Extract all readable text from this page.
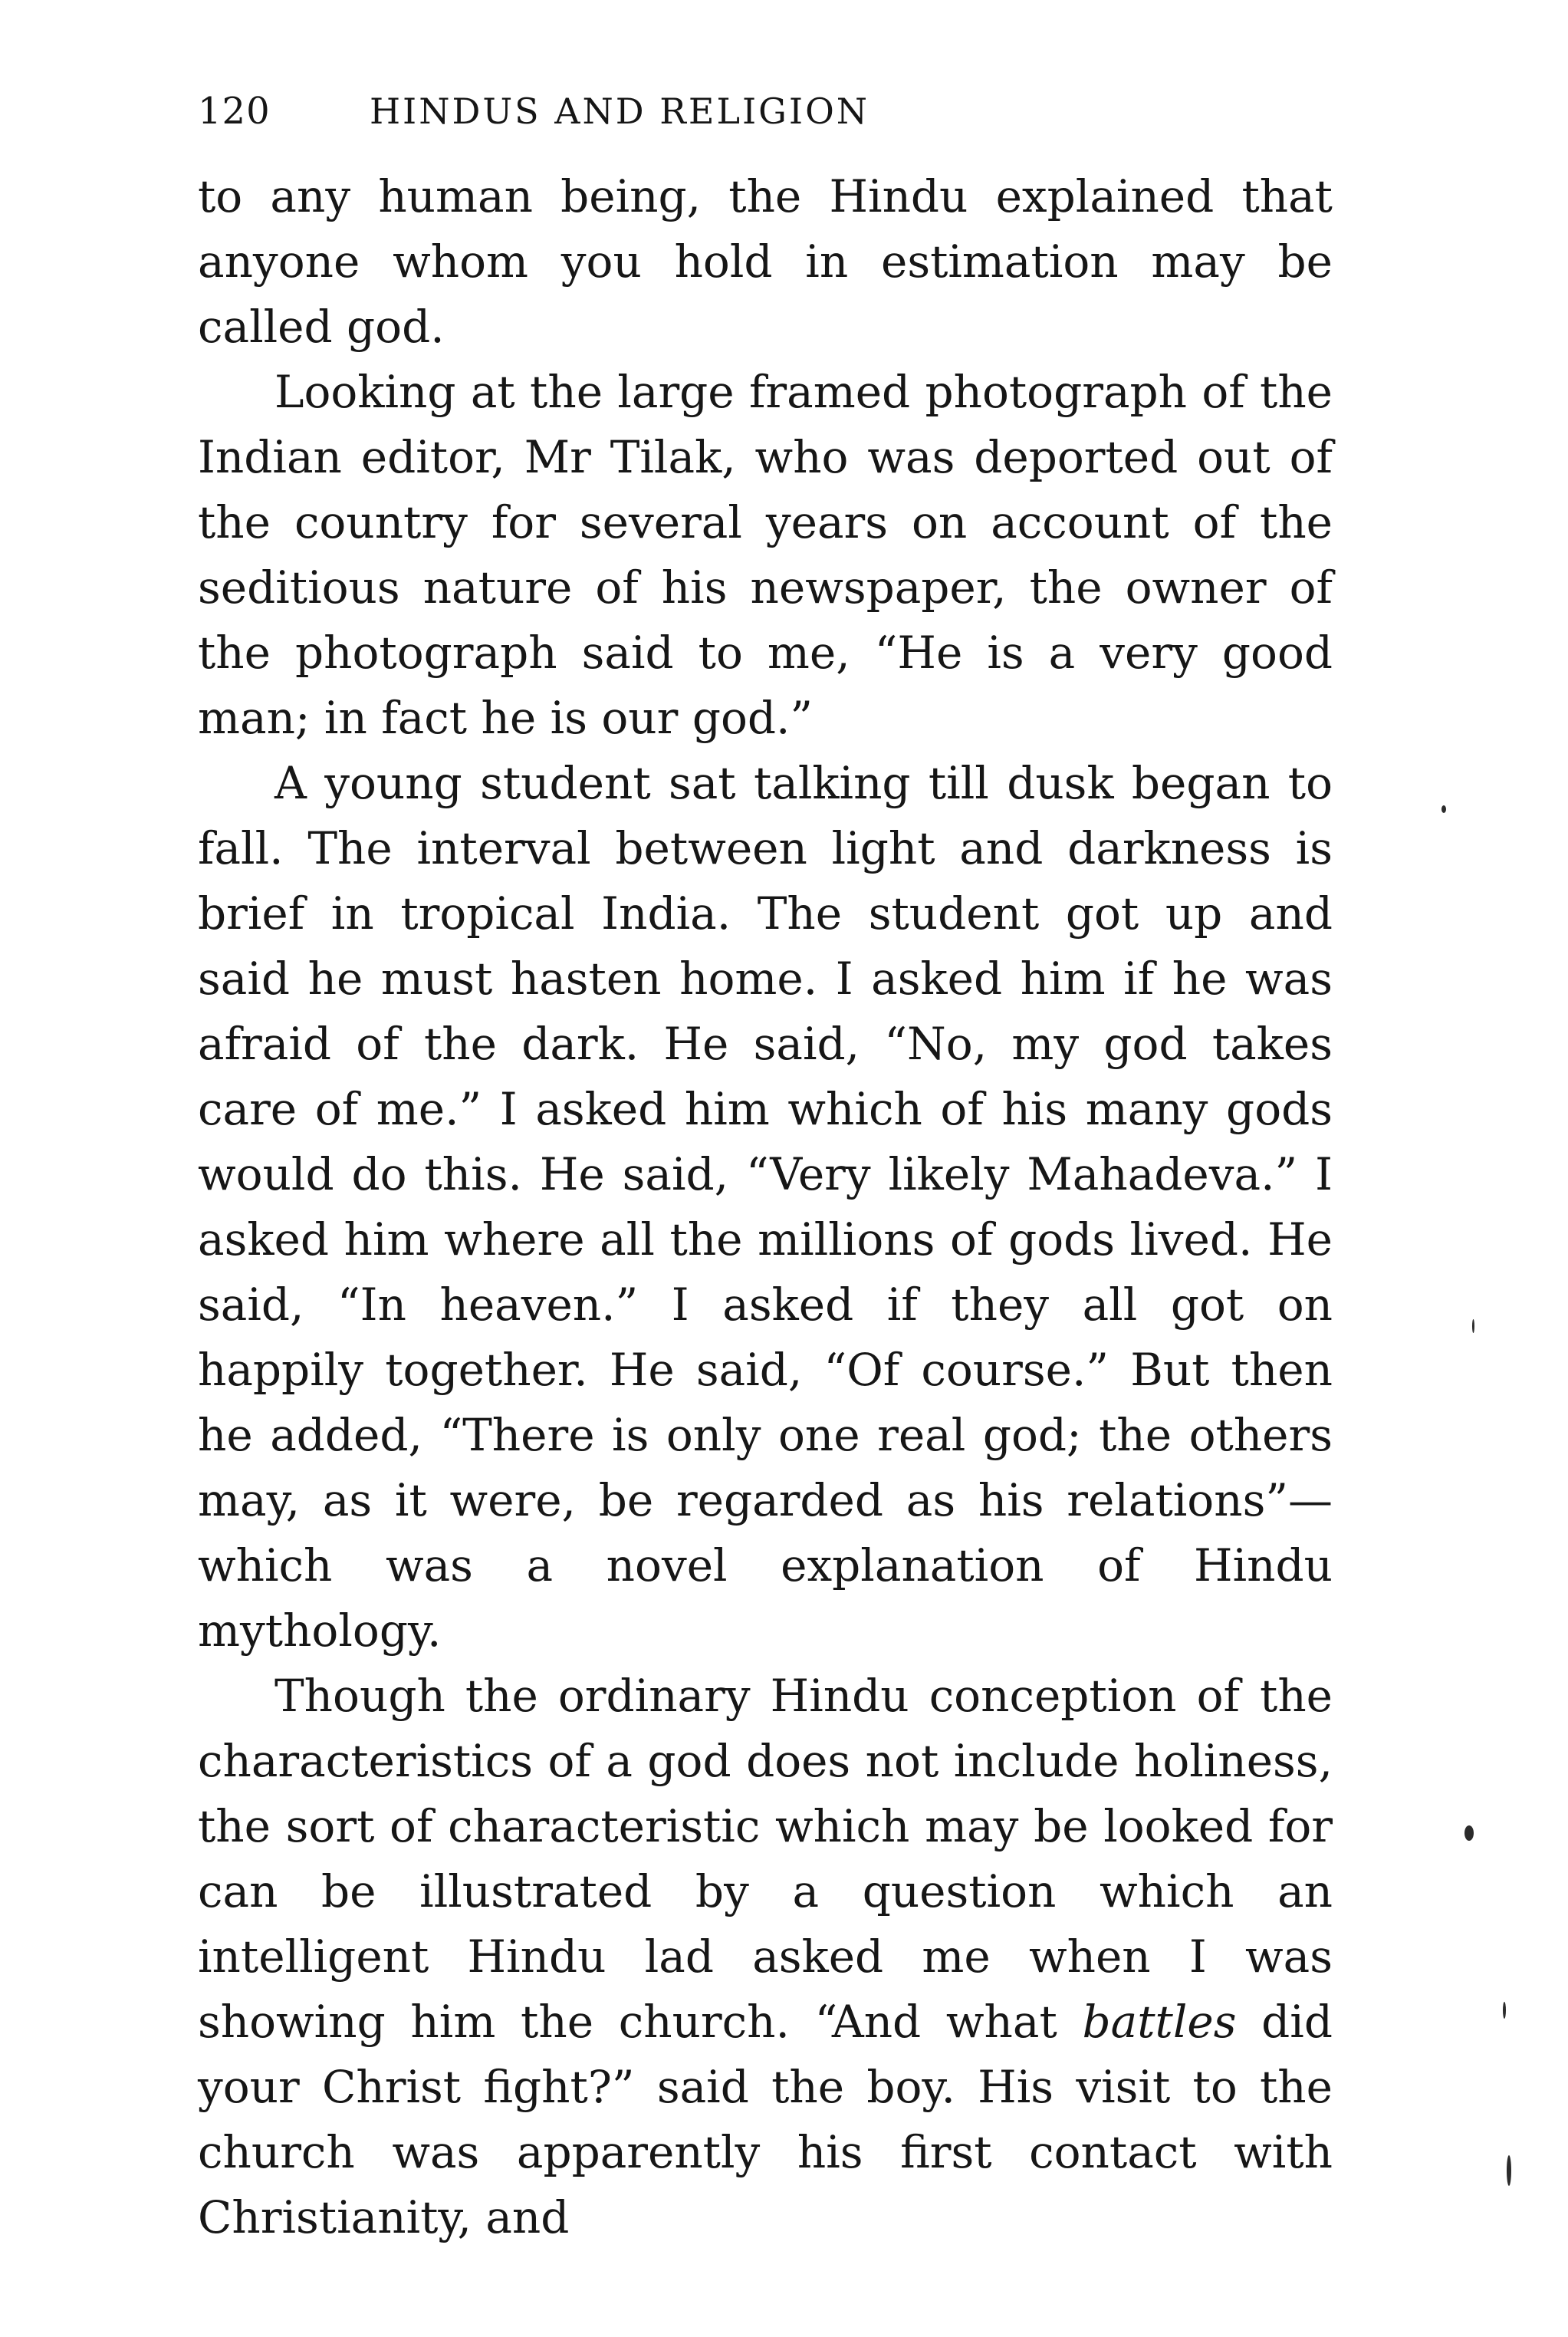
120	HINDUS AND RELIGION

to any human being, the Hindu explained that anyone whom you hold in estimation may be called god.

Looking at the large framed photograph of the Indian editor, Mr Tilak, who was deported out of the country for several years on account of the seditious nature of his newspaper, the owner of the photograph said to me, “He is a very good man; in fact he is our god.”

A young student sat talking till dusk began to fall. The interval between light and darkness is brief in tropical India. The student got up and said he must hasten home. I asked him if he was afraid of the dark. He said, “No, my god takes care of me.” I asked him which of his many gods would do this. He said, “Very likely Mahadeva.” I asked him where all the millions of gods lived. He said, “In heaven.” I asked if they all got on happily together. He said, “Of course.” But then he added, “There is only one real god; the others may, as it were, be regarded as his relations”—which was a novel explanation of Hindu mythology.

Though the ordinary Hindu conception of the characteristics of a god does not include holiness, the sort of characteristic which may be looked for can be illustrated by a question which an intelligent Hindu lad asked me when I was showing him the church. “And what battles did your Christ fight?” said the boy. His visit to the church was apparently his first contact with Christianity, and
